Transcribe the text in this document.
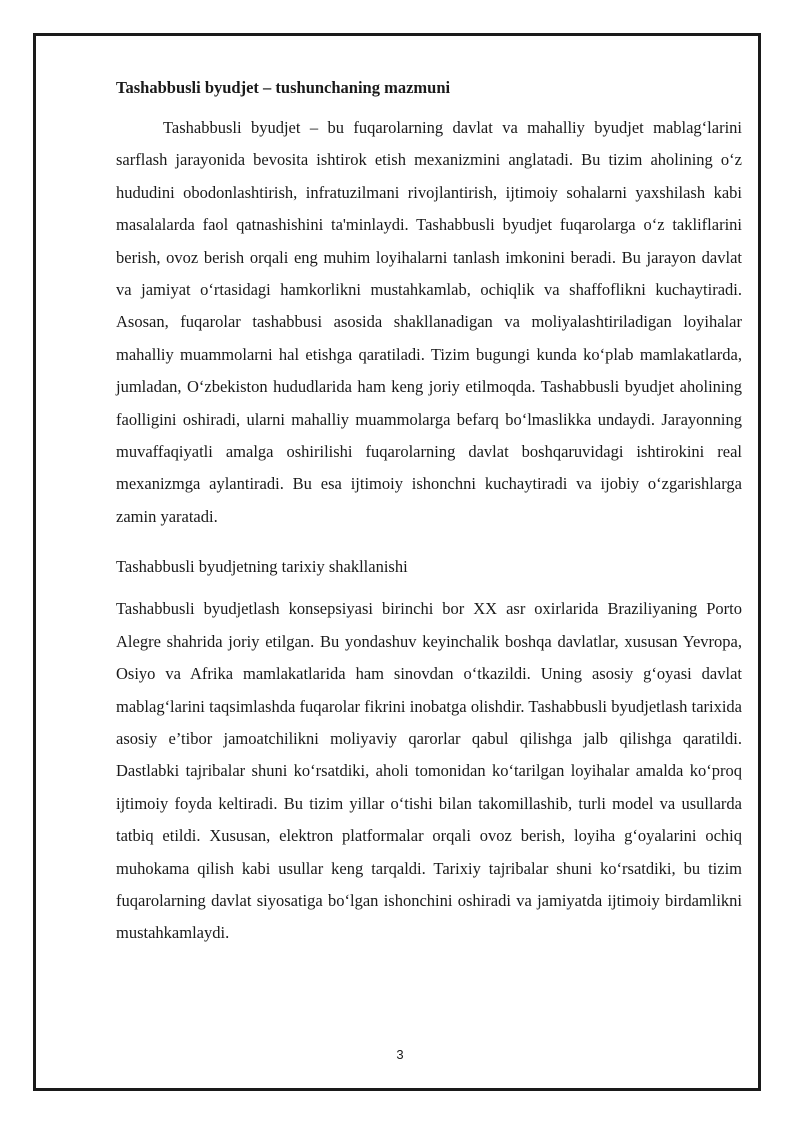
Tashabbusli byudjet – tushunchaning mazmuni

Tashabbusli byudjet – bu fuqarolarning davlat va mahalliy byudjet mablag‘larini sarflash jarayonida bevosita ishtirok etish mexanizmini anglatadi. Bu tizim aholining o‘z hududini obodonlashtirish, infratuzilmani rivojlantirish, ijtimoiy sohalarni yaxshilash kabi masalalarda faol qatnashishini ta'minlaydi. Tashabbusli byudjet fuqarolarga o‘z takliflarini berish, ovoz berish orqali eng muhim loyihalarni tanlash imkonini beradi. Bu jarayon davlat va jamiyat o‘rtasidagi hamkorlikni mustahkamlab, ochiqlik va shaffoflikni kuchaytiradi. Asosan, fuqarolar tashabbusi asosida shakllanadigan va moliyalashtiriladigan loyihalar mahalliy muammolarni hal etishga qaratiladi. Tizim bugungi kunda ko‘plab mamlakatlarda, jumladan, O‘zbekiston hududlarida ham keng joriy etilmoqda. Tashabbusli byudjet aholining faolligini oshiradi, ularni mahalliy muammolarga befarq bo‘lmaslikka undaydi. Jarayonning muvaffaqiyatli amalga oshirilishi fuqarolarning davlat boshqaruvidagi ishtirokini real mexanizmga aylantiradi. Bu esa ijtimoiy ishonchni kuchaytiradi va ijobiy o‘zgarishlarga zamin yaratadi.

Tashabbusli byudjetning tarixiy shakllanishi

Tashabbusli byudjetlash konsepsiyasi birinchi bor XX asr oxirlarida Braziliyaning Porto Alegre shahrida joriy etilgan. Bu yondashuv keyinchalik boshqa davlatlar, xususan Yevropa, Osiyo va Afrika mamlakatlarida ham sinovdan o‘tkazildi. Uning asosiy g‘oyasi davlat mablag‘larini taqsimlashda fuqarolar fikrini inobatga olishdir. Tashabbusli byudjetlash tarixida asosiy e’tibor jamoatchilikni moliyaviy qarorlar qabul qilishga jalb qilishga qaratildi. Dastlabki tajribalar shuni ko‘rsatdiki, aholi tomonidan ko‘tarilgan loyihalar amalda ko‘proq ijtimoiy foyda keltiradi. Bu tizim yillar o‘tishi bilan takomillashib, turli model va usullarda tatbiq etildi. Xususan, elektron platformalar orqali ovoz berish, loyiha g‘oyalarini ochiq muhokama qilish kabi usullar keng tarqaldi. Tarixiy tajribalar shuni ko‘rsatdiki, bu tizim fuqarolarning davlat siyosatiga bo‘lgan ishonchini oshiradi va jamiyatda ijtimoiy birdamlikni mustahkamlaydi.

3
